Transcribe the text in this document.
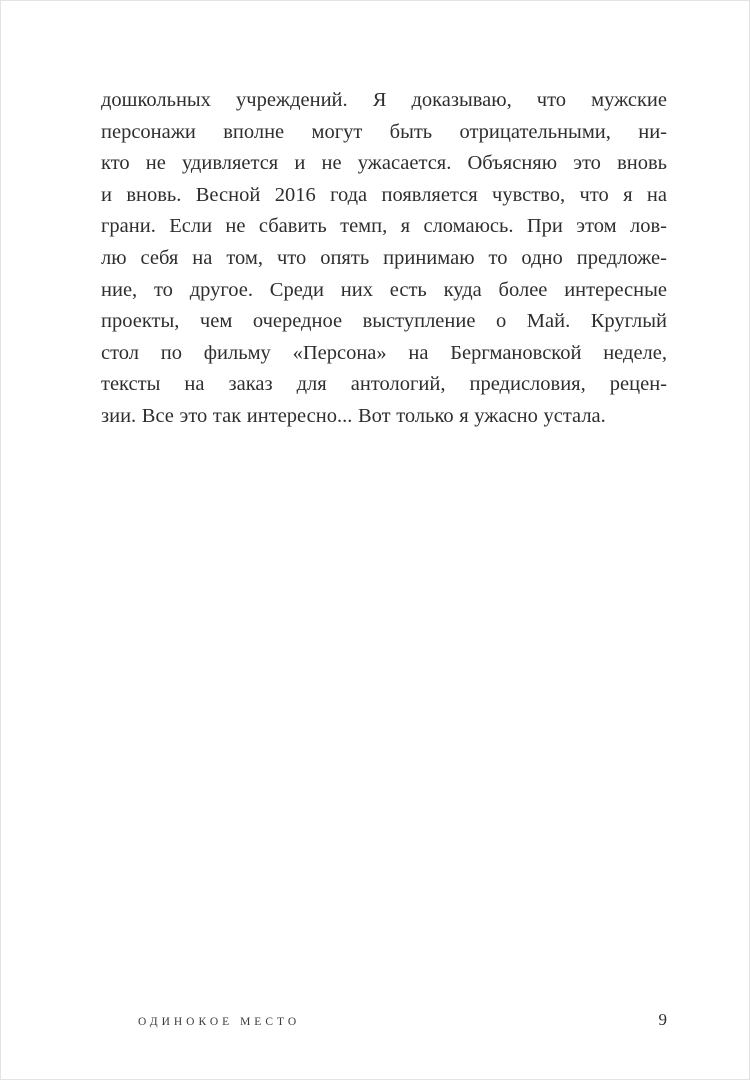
дошкольных учреждений. Я доказываю, что мужские
персонажи вполне могут быть отрицательными, ни-
кто не удивляется и не ужасается. Объясняю это вновь
и вновь. Весной 2016 года появляется чувство, что я на
грани. Если не сбавить темп, я сломаюсь. При этом лов-
лю себя на том, что опять принимаю то одно предложе-
ние, то другое. Среди них есть куда более интересные
проекты, чем очередное выступление о Май. Круглый
стол по фильму «Персона» на Бергмановской неделе,
тексты на заказ для антологий, предисловия, рецен-
зии. Все это так интересно... Вот только я ужасно устала.
ОДИНОКОЕ МЕСТО	9
